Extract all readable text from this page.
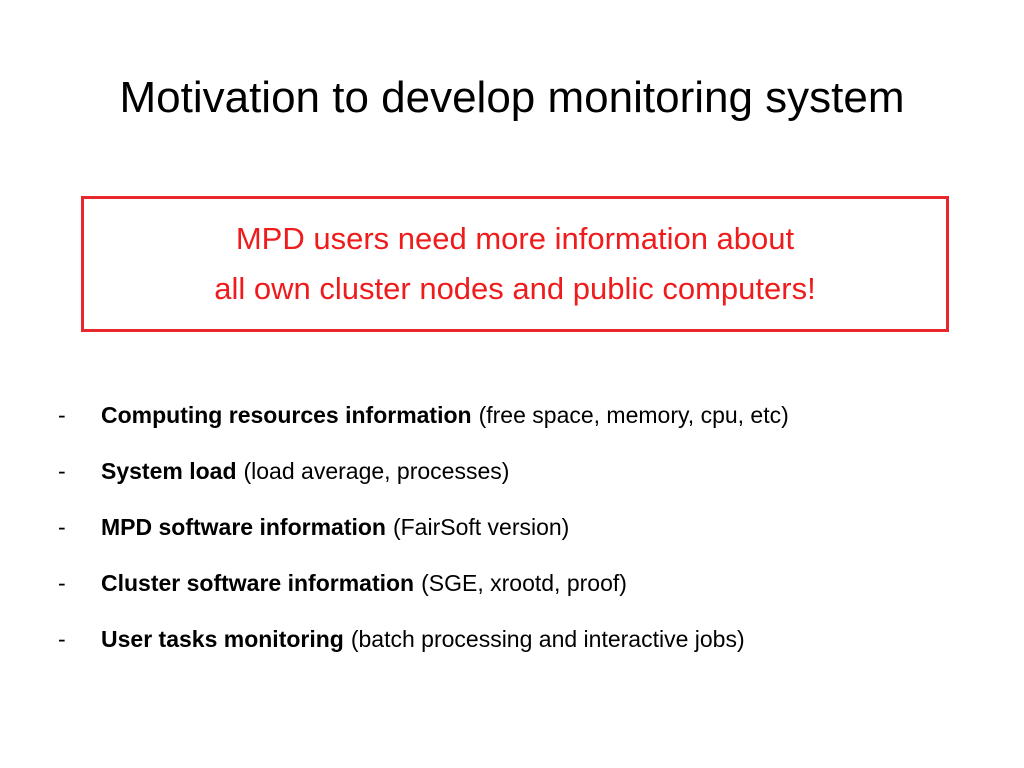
Motivation to develop monitoring system
MPD users need more information about
all own cluster nodes and public computers!
-	Computing resources information (free space, memory, cpu, etc)
-	System load (load average, processes)
-	MPD software information (FairSoft version)
-	Cluster software information (SGE, xrootd, proof)
-	User tasks monitoring (batch processing and interactive jobs)
